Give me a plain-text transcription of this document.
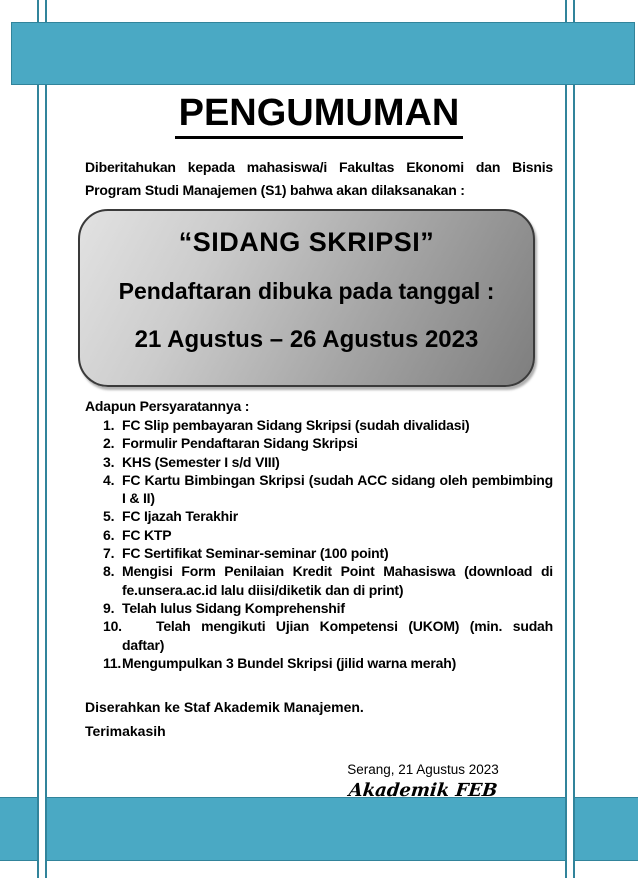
PENGUMUMAN

Diberitahukan kepada mahasiswa/i Fakultas Ekonomi dan Bisnis Program Studi Manajemen (S1) bahwa akan dilaksanakan :

“SIDANG SKRIPSI”
Pendaftaran dibuka pada tanggal :
21 Agustus – 26 Agustus 2023
Adapun Persyaratannya :
1. FC Slip pembayaran Sidang Skripsi (sudah divalidasi)
2. Formulir Pendaftaran Sidang Skripsi
3. KHS (Semester I s/d VIII)
4. FC Kartu Bimbingan Skripsi (sudah ACC sidang oleh pembimbing I & II)
5. FC Ijazah Terakhir
6. FC KTP
7. FC Sertifikat Seminar-seminar (100 point)
8. Mengisi Form Penilaian Kredit Point Mahasiswa (download di fe.unsera.ac.id lalu diisi/diketik dan di print)
9. Telah lulus Sidang Komprehenshif
10.	Telah mengikuti Ujian Kompetensi (UKOM) (min. sudah daftar)
11. Mengumpulkan 3 Bundel Skripsi (jilid warna merah)

Diserahkan ke Staf Akademik Manajemen.

Terimakasih

Serang, 21 Agustus 2023
Akademik FEB
